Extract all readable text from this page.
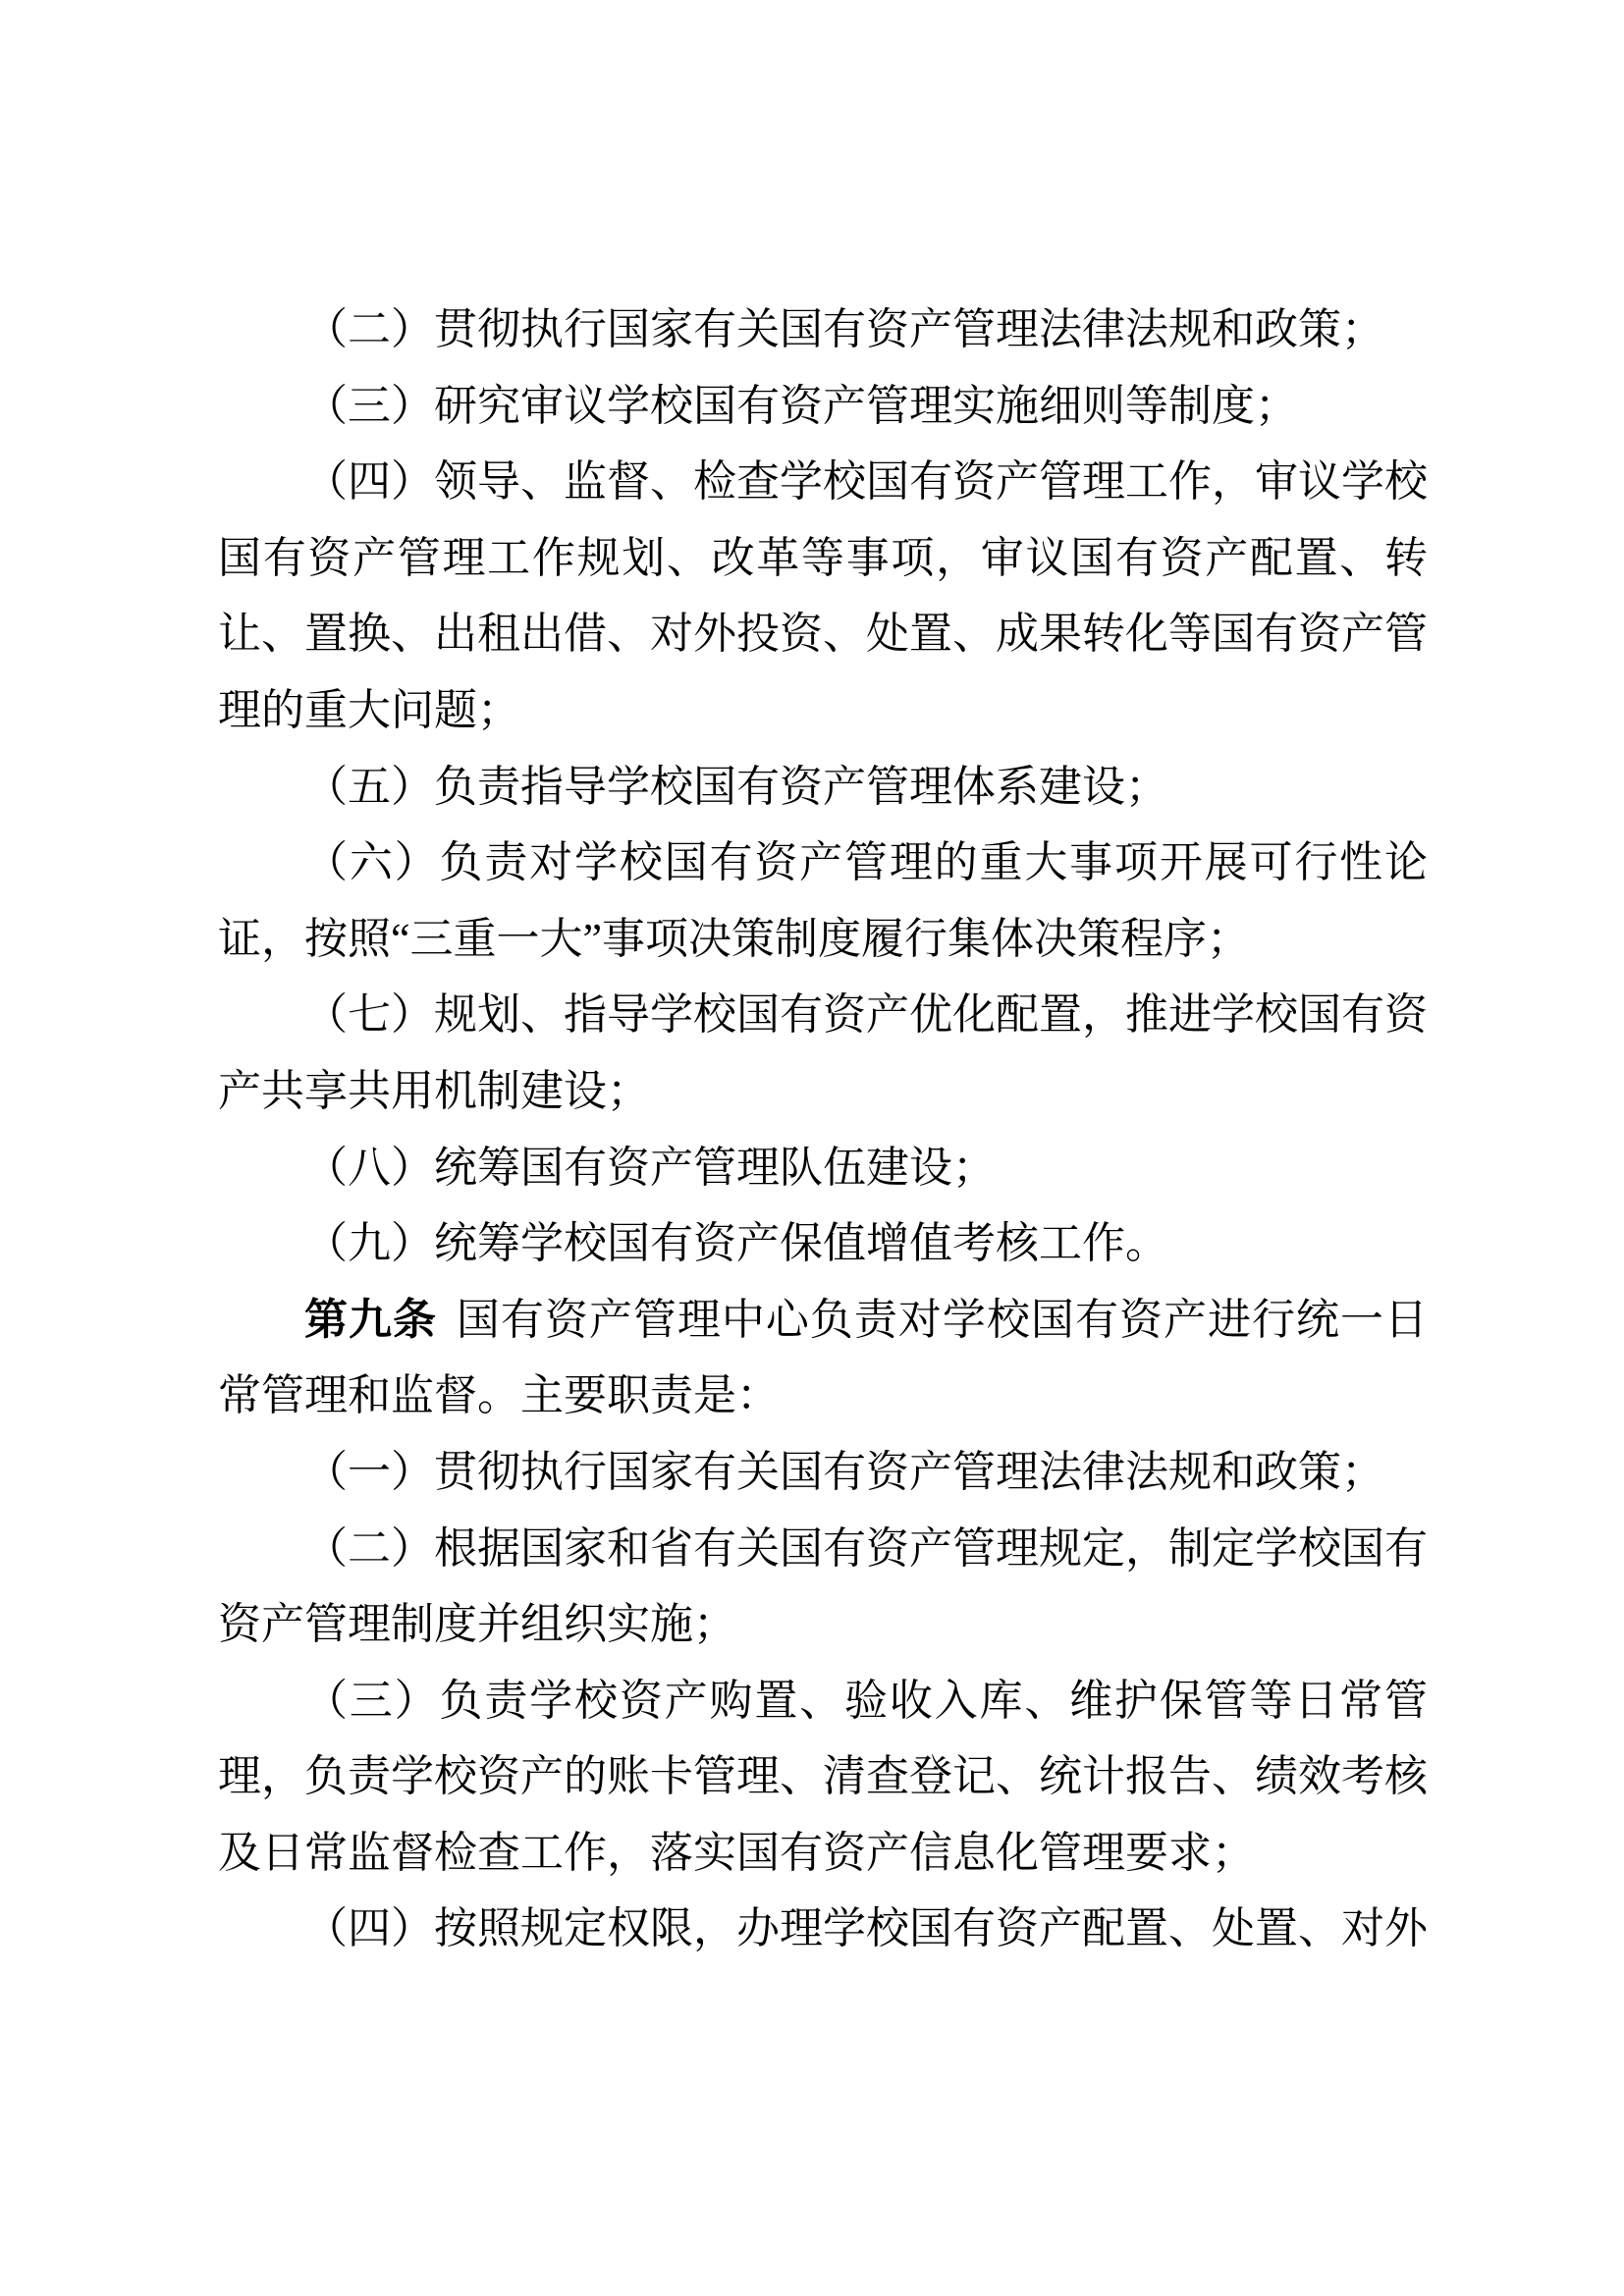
（二）贯彻执行国家有关国有资产管理法律法规和政策；

（三）研究审议学校国有资产管理实施细则等制度；

（四）领导、监督、检查学校国有资产管理工作，审议学校国有资产管理工作规划、改革等事项，审议国有资产配置、转让、置换、出租出借、对外投资、处置、成果转化等国有资产管理的重大问题；

（五）负责指导学校国有资产管理体系建设；

（六）负责对学校国有资产管理的重大事项开展可行性论证，按照“三重一大”事项决策制度履行集体决策程序；

（七）规划、指导学校国有资产优化配置，推进学校国有资产共享共用机制建设；

（八）统筹国有资产管理队伍建设；

（九）统筹学校国有资产保值增值考核工作。

第九条 国有资产管理中心负责对学校国有资产进行统一日常管理和监督。主要职责是：

（一）贯彻执行国家有关国有资产管理法律法规和政策；

（二）根据国家和省有关国有资产管理规定，制定学校国有资产管理制度并组织实施；

（三）负责学校资产购置、验收入库、维护保管等日常管理，负责学校资产的账卡管理、清查登记、统计报告、绩效考核及日常监督检查工作，落实国有资产信息化管理要求；

（四）按照规定权限，办理学校国有资产配置、处置、对外
